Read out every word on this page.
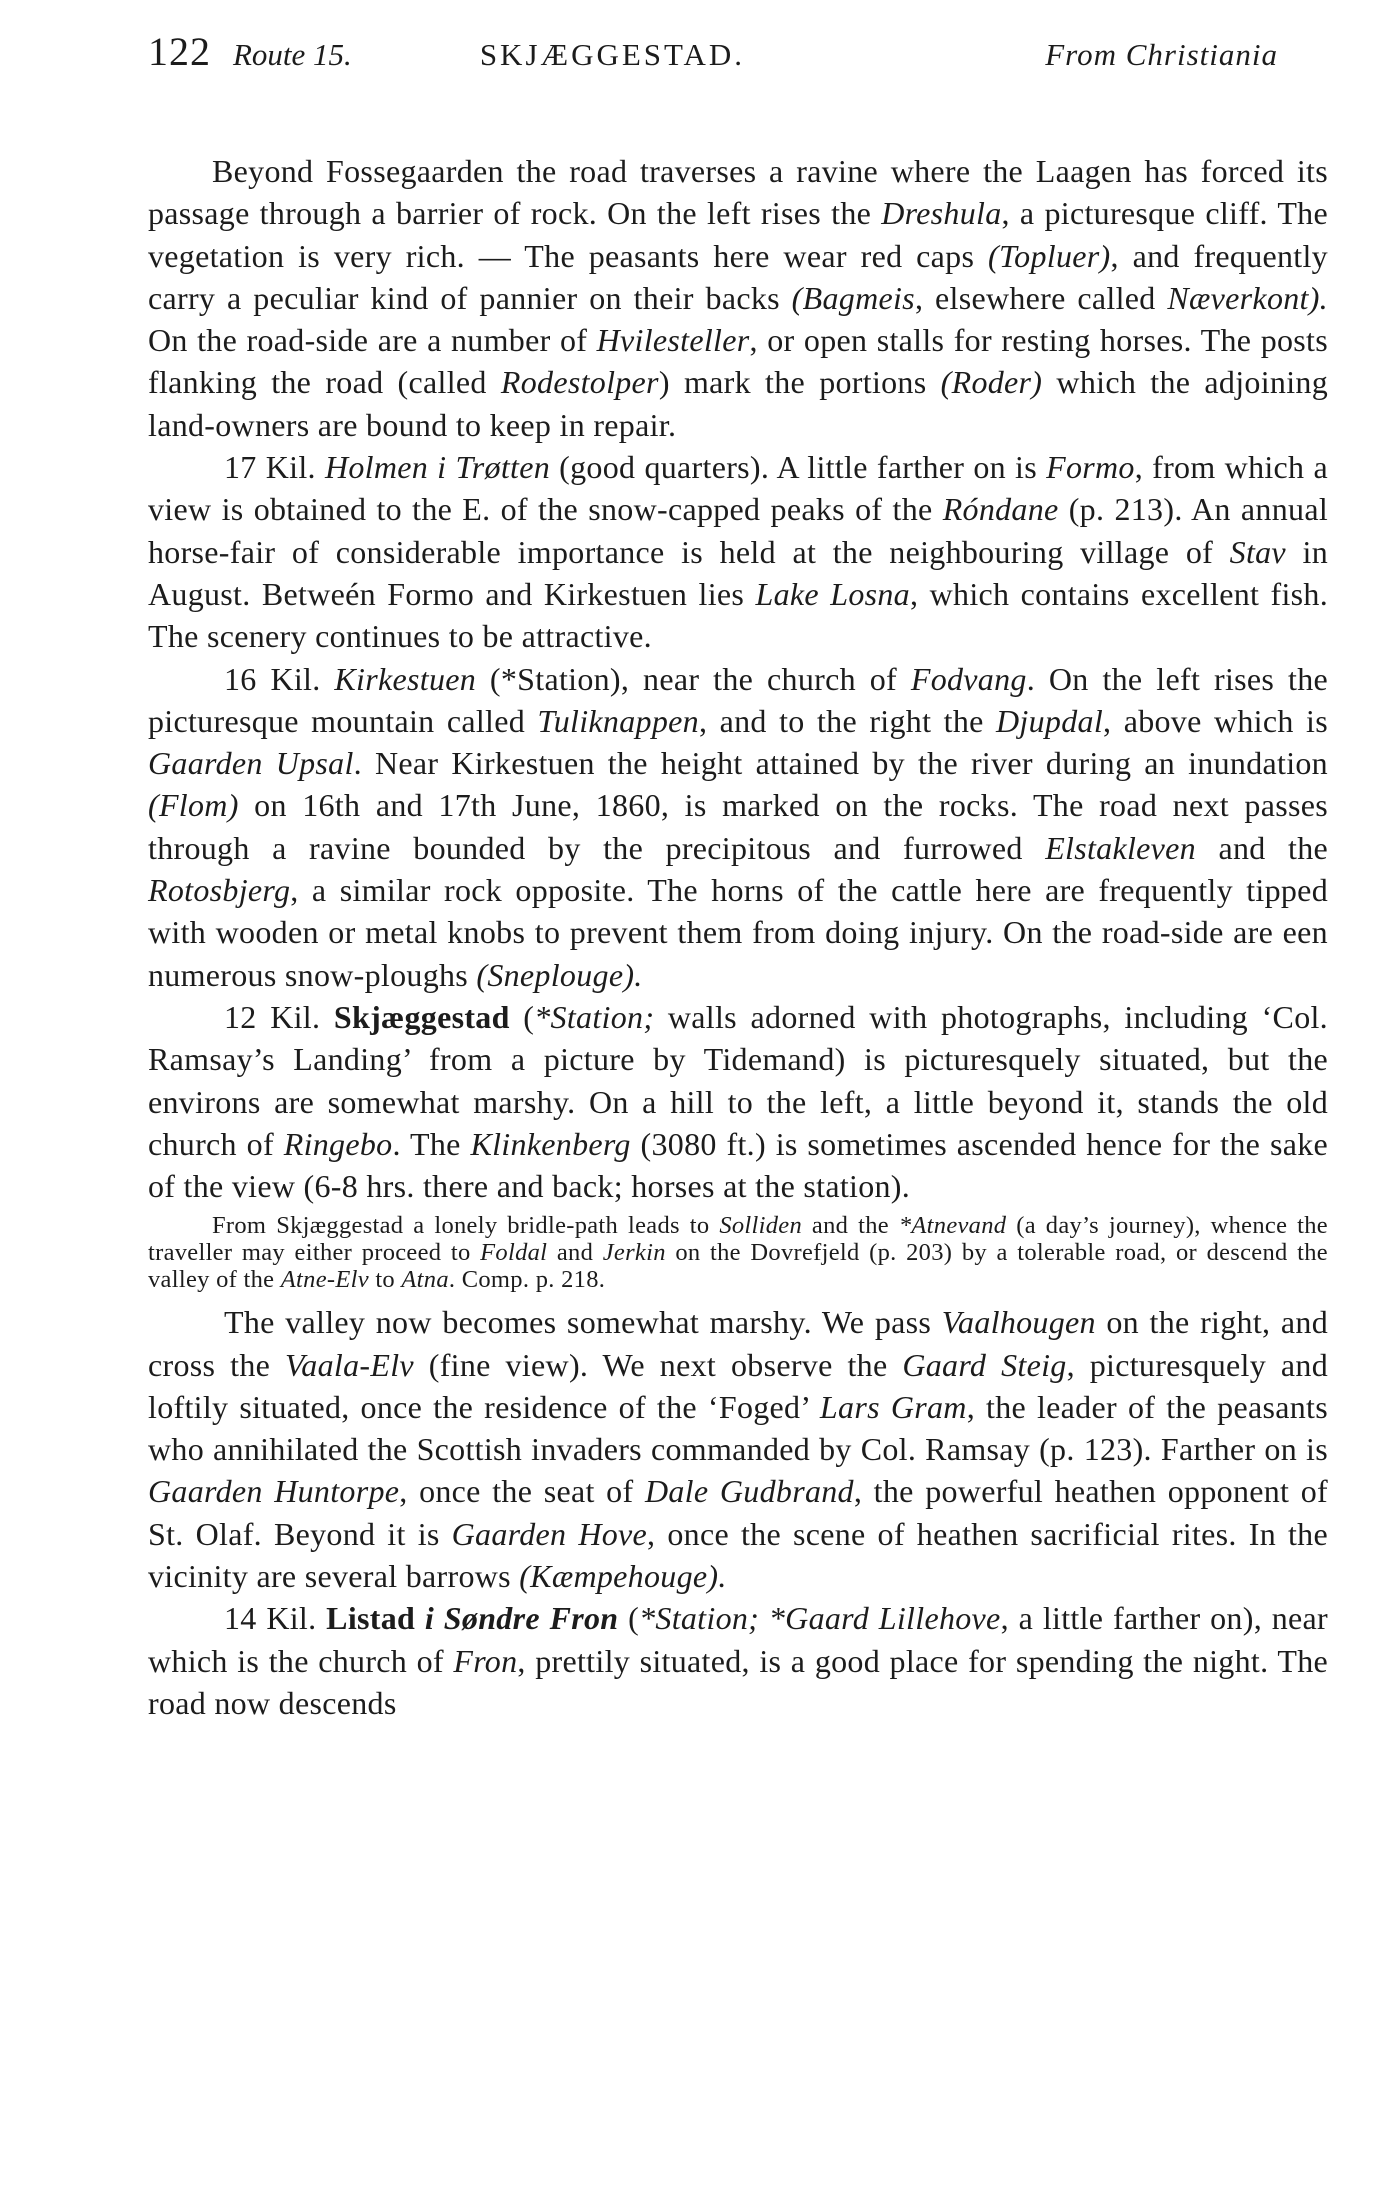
122 Route 15.	SKJÆGGESTAD.	From Christiania

Beyond Fossegaarden the road traverses a ravine where the Laagen has forced its passage through a barrier of rock. On the left rises the Dreshula, a picturesque cliff. The vegetation is very rich. — The peasants here wear red caps (Topluer), and frequently carry a peculiar kind of pannier on their backs (Bagmeis, elsewhere called Næverkont). On the road-side are a number of Hvilesteller, or open stalls for resting horses. The posts flanking the road (called Rodestolper) mark the portions (Roder) which the adjoining land-owners are bound to keep in repair.

17 Kil. Holmen i Trøtten (good quarters). A little farther on is Formo, from which a view is obtained to the E. of the snow-capped peaks of the Róndane (p. 213). An annual horse-fair of considerable importance is held at the neighbouring village of Stav in August. Betweén Formo and Kirkestuen lies Lake Losna, which contains excellent fish. The scenery continues to be attractive.

16 Kil. Kirkestuen (*Station), near the church of Fodvang. On the left rises the picturesque mountain called Tuliknappen, and to the right the Djupdal, above which is Gaarden Upsal. Near Kirkestuen the height attained by the river during an inundation (Flom) on 16th and 17th June, 1860, is marked on the rocks. The road next passes through a ravine bounded by the precipitous and furrowed Elstakleven and the Rotosbjerg, a similar rock opposite. The horns of the cattle here are frequently tipped with wooden or metal knobs to prevent them from doing injury. On the road-side are een numerous snow-ploughs (Sneplouge).

12 Kil. Skjæggestad (*Station; walls adorned with photographs, including ‘Col. Ramsay’s Landing’ from a picture by Tidemand) is picturesquely situated, but the environs are somewhat marshy. On a hill to the left, a little beyond it, stands the old church of Ringebo. The Klinkenberg (3080 ft.) is sometimes ascended hence for the sake of the view (6-8 hrs. there and back; horses at the station).

From Skjæggestad a lonely bridle-path leads to Solliden and the *Atnevand (a day’s journey), whence the traveller may either proceed to Foldal and Jerkin on the Dovrefjeld (p. 203) by a tolerable road, or descend the valley of the Atne-Elv to Atna. Comp. p. 218.

The valley now becomes somewhat marshy. We pass Vaalhougen on the right, and cross the Vaala-Elv (fine view). We next observe the Gaard Steig, picturesquely and loftily situated, once the residence of the ‘Foged’ Lars Gram, the leader of the peasants who annihilated the Scottish invaders commanded by Col. Ramsay (p. 123). Farther on is Gaarden Huntorpe, once the seat of Dale Gudbrand, the powerful heathen opponent of St. Olaf. Beyond it is Gaarden Hove, once the scene of heathen sacrificial rites. In the vicinity are several barrows (Kæmpehouge).

14 Kil. Listad i Søndre Fron (*Station; *Gaard Lillehove, a little farther on), near which is the church of Fron, prettily situated, is a good place for spending the night. The road now descends
